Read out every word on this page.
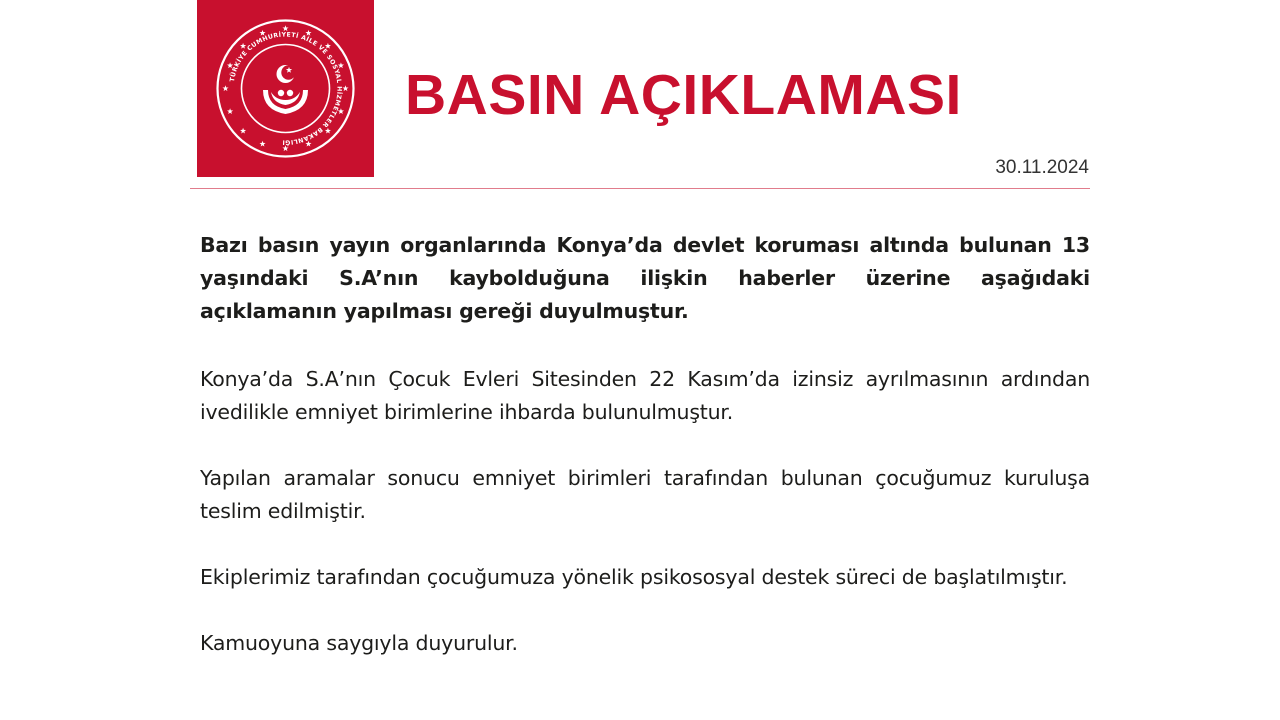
TÜRKİYE CUMHURİYETİ AİLE VE SOSYAL HİZMETLER BAKANLIĞI
BASIN AÇIKLAMASI
30.11.2024

Bazı basın yayın organlarında Konya’da devlet koruması altında bulunan 13 yaşındaki S.A’nın kaybolduğuna ilişkin haberler üzerine aşağıdaki açıklamanın yapılması gereği duyulmuştur.

Konya’da S.A’nın Çocuk Evleri Sitesinden 22 Kasım’da izinsiz ayrılmasının ardından ivedilikle emniyet birimlerine ihbarda bulunulmuştur.

Yapılan aramalar sonucu emniyet birimleri tarafından bulunan çocuğumuz kuruluşa teslim edilmiştir.

Ekiplerimiz tarafından çocuğumuza yönelik psikososyal destek süreci de başlatılmıştır.

Kamuoyuna saygıyla duyurulur.
